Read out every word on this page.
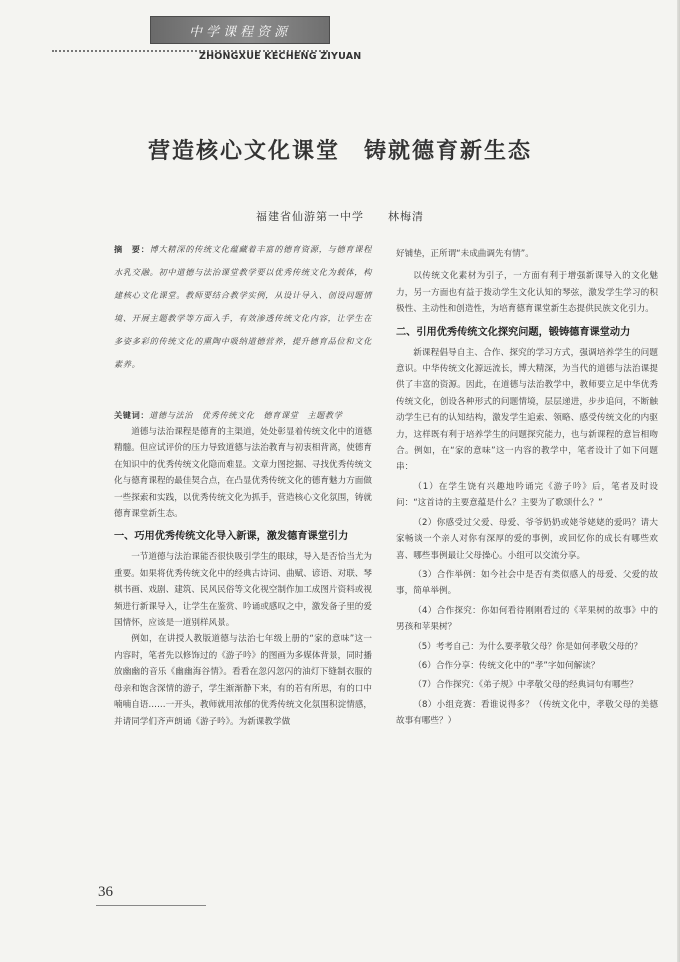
中学课程资源
ZHONGXUE KECHENG ZIYUAN
营造核心文化课堂　铸就德育新生态
福建省仙游第一中学　　林梅清

摘　要：博大精深的传统文化蕴藏着丰富的德育资源，与德育课程水乳交融。初中道德与法治课堂教学要以优秀传统文化为载体，构建核心文化课堂。教师要结合教学实例，从设计导入、创设问题情境、开展主题教学等方面入手，有效渗透传统文化内容，让学生在多姿多彩的传统文化的熏陶中吸纳道德营养，提升德育品位和文化素养。

关键词：道德与法治　优秀传统文化　德育课堂　主题教学

道德与法治课程是德育的主渠道，处处彰显着传统文化中的道德精髓。但应试评价的压力导致道德与法治教育与初衷相背离，使德育在知识中的优秀传统文化隐而难显。文章力图挖掘、寻找优秀传统文化与德育课程的最佳契合点，在凸显优秀传统文化的德育魅力方面做一些探索和实践，以优秀传统文化为抓手，营造核心文化氛围，铸就德育课堂新生态。

一、巧用优秀传统文化导入新课，激发德育课堂引力

一节道德与法治课能否很快吸引学生的眼球，导入是否恰当尤为重要。如果将优秀传统文化中的经典古诗词、曲赋、谚语、对联、琴棋书画、戏剧、建筑、民风民俗等文化视空制作加工成图片资料或视频进行新课导入，让学生在鉴赏、吟诵或感叹之中，激发备子里的爱国情怀，应该是一道别样风景。

例如，在讲授人教版道德与法治七年级上册的“家的意味”这一内容时，笔者先以修饰过的《游子吟》的图画为多媒体背景，同时播放幽幽的音乐《幽幽海谷情》。看看在忽闪忽闪的油灯下缝制衣服的母亲和饱含深情的游子，学生渐渐静下来，有的若有所思，有的口中喃喃自语……一开头，教师就用浓郁的优秀传统文化氛围积淀情感，并请同学们齐声朗诵《游子吟》。为新课教学做

好铺垫，正所谓“未成曲调先有情”。

以传统文化素材为引子，一方面有利于增强新课导入的文化魅力，另一方面也有益于拨动学生文化认知的琴弦，激发学生学习的积极性、主动性和创造性，为培育德育课堂新生态提供民族文化引力。

二、引用优秀传统文化探究问题，锻铸德育课堂动力

新课程倡导自主、合作、探究的学习方式，强调培养学生的问题意识。中华传统文化源远流长，博大精深，为当代的道德与法治课提供了丰富的资源。因此，在道德与法治教学中，教师要立足中华优秀传统文化，创设各种形式的问题情境，层层递进，步步追问，不断触动学生已有的认知结构，激发学生追索、领略、感受传统文化的内驱力，这样既有利于培养学生的问题探究能力，也与新课程的意旨相吻合。例如，在“家的意味”这一内容的教学中，笔者设计了如下问题串：

（1）在学生饶有兴趣地吟诵完《游子吟》后，笔者及时设问：“这首诗的主要意蕴是什么？主要为了歌颂什么？”

（2）你感受过父爱、母爱、爷爷奶奶或姥爷姥姥的爱吗？请大家畅谈一个亲人对你有深厚的爱的事例，或回忆你的成长有哪些欢喜、哪些事例最让父母操心。小组可以交流分享。

（3）合作举例：如今社会中是否有类似感人的母爱、父爱的故事，简单举例。

（4）合作探究：你如何看待刚刚看过的《苹果树的故事》中的男孩和苹果树？

（5）考考自己：为什么要孝敬父母？你是如何孝敬父母的？

（6）合作分享：传统文化中的“孝”字如何解读？

（7）合作探究：《弟子规》中孝敬父母的经典词句有哪些？

（8）小组竞赛：看谁说得多？（传统文化中，孝敬父母的美德故事有哪些？）

36
